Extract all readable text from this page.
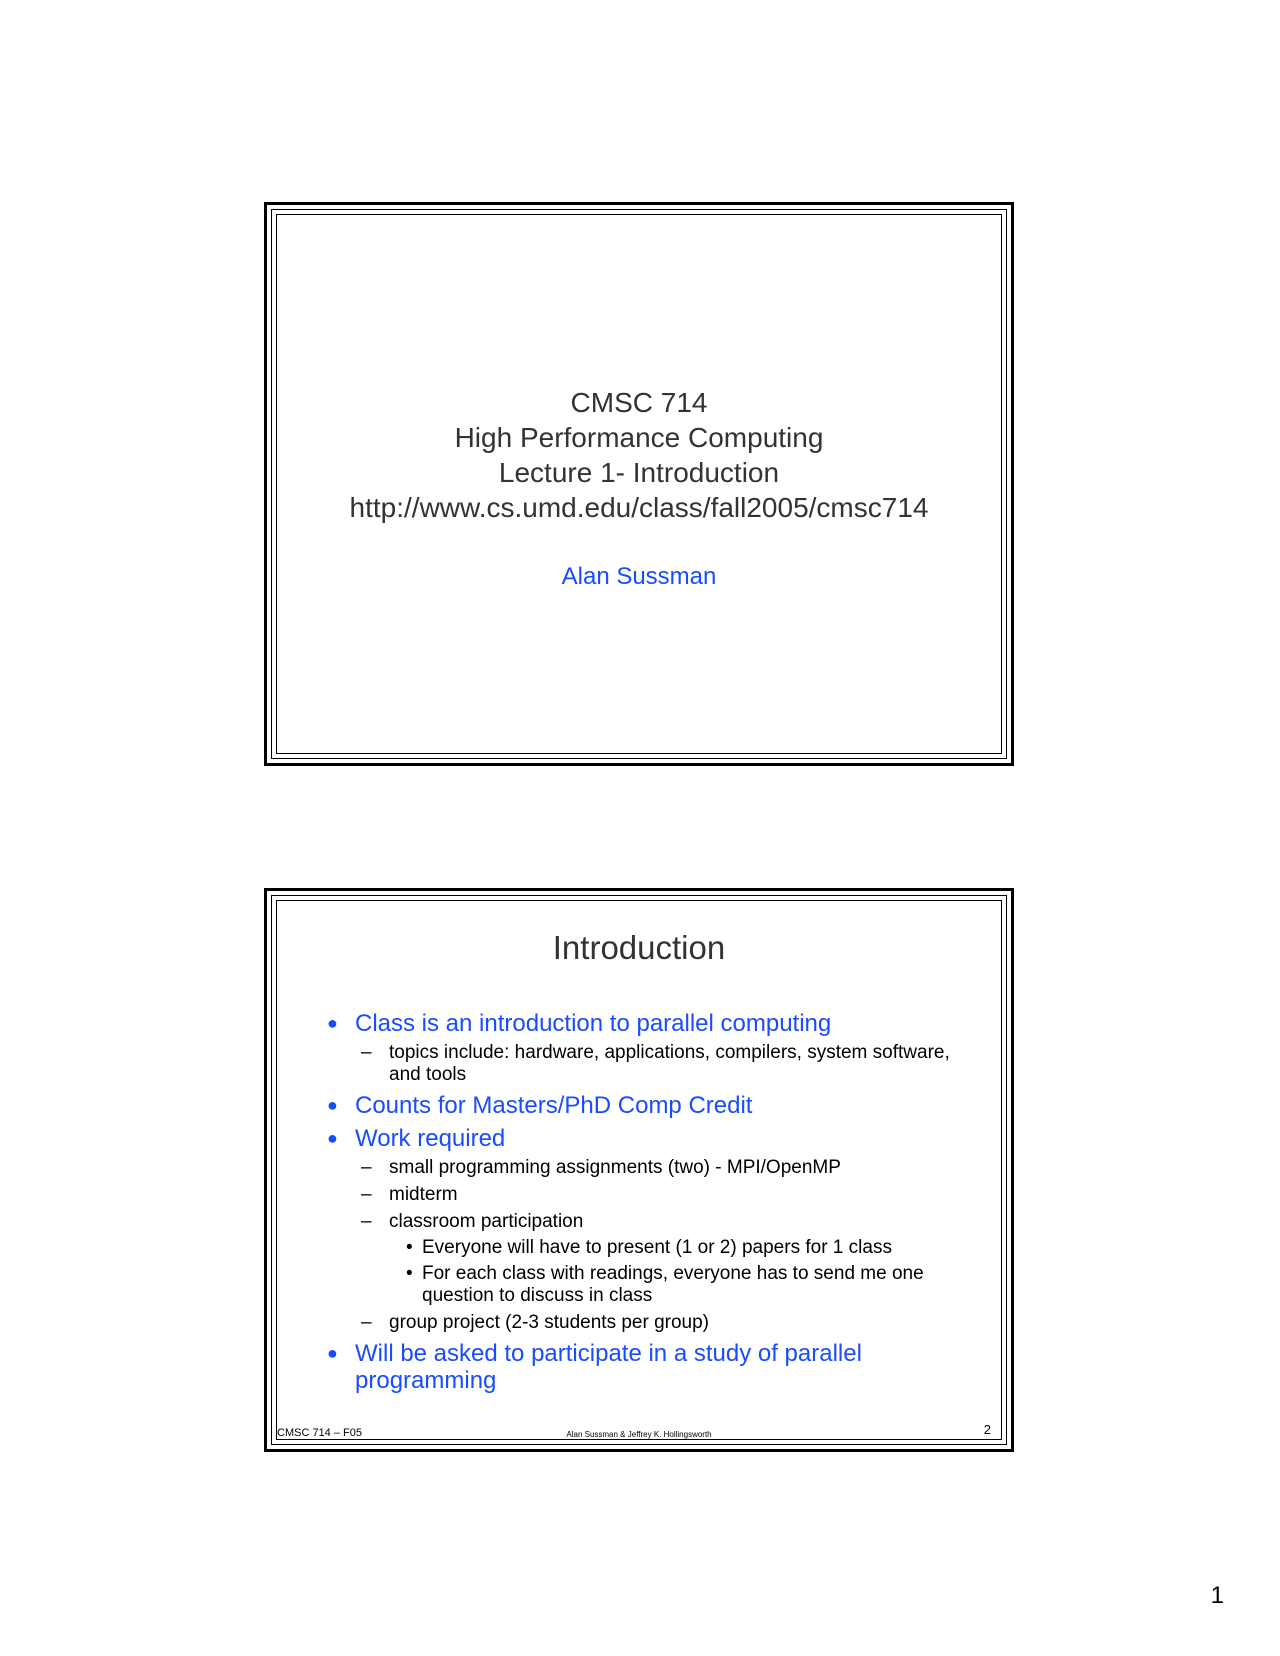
CMSC 714
High Performance Computing
Lecture 1- Introduction
http://www.cs.umd.edu/class/fall2005/cmsc714
Alan Sussman
Introduction
● Class is an introduction to parallel computing
– topics include: hardware, applications, compilers, system software, and tools
● Counts for Masters/PhD Comp Credit
● Work required
– small programming assignments (two) - MPI/OpenMP
– midterm
– classroom participation
• Everyone will have to present (1 or 2) papers for 1 class
• For each class with readings, everyone has to send me one question to discuss in class
– group project (2-3 students per group)
● Will be asked to participate in a study of parallel programming
CMSC 714 – F05	Alan Sussman & Jeffrey K. Hollingsworth	2
1
